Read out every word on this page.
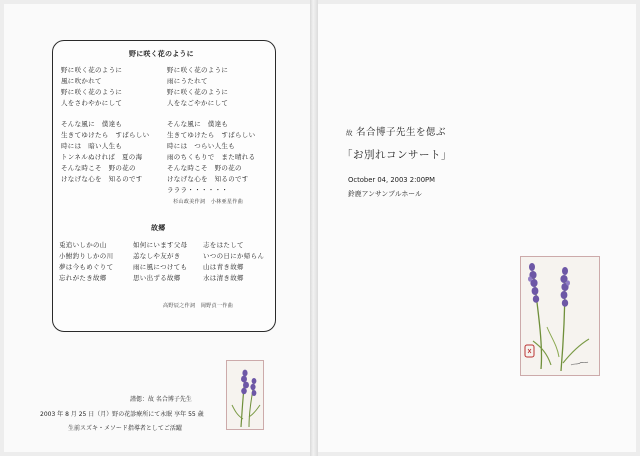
野に咲く花のように
野に咲く花のように
風に吹かれて
野に咲く花のように
人をさわやかにして
野に咲く花のように
雨にうたれて
野に咲く花のように
人をなごやかにして
そんな風に　僕達も
生きてゆけたら　すばらしい
時には　暗い人生も
トンネルぬければ　夏の海
そんな時こそ　野の花の
けなげな心を　知るのです
そんな風に　僕達も
生きてゆけたら　すばらしい
時には　つらい人生も
雨のちくもりで　また晴れる
そんな時こそ　野の花の
けなげな心を　知るのです
ラララ・・・・・・
杉山政美作詞　小林亜星作曲
故郷
兎追いしかの山
小鮒釣りしかの川
夢は今もめぐりて
忘れがたき故郷
如何にいます父母
恙なしや友がき
雨に風につけても
思い出ずる故郷
志をはたして
いつの日にか帰らん
山は青き故郷
水は清き故郷
高野辰之作詞　岡野貞一作曲
謹偲：故 名合博子先生
2003 年 8 月 25 日（月）野の花診療所にて永眠 享年 55 歳
生前スズキ・メソード指導者としてご活躍
故 名合博子先生を偲ぶ
「お別れコンサート」
October 04, 2003 2:00PM
鈴鹿アンサンブルホール
